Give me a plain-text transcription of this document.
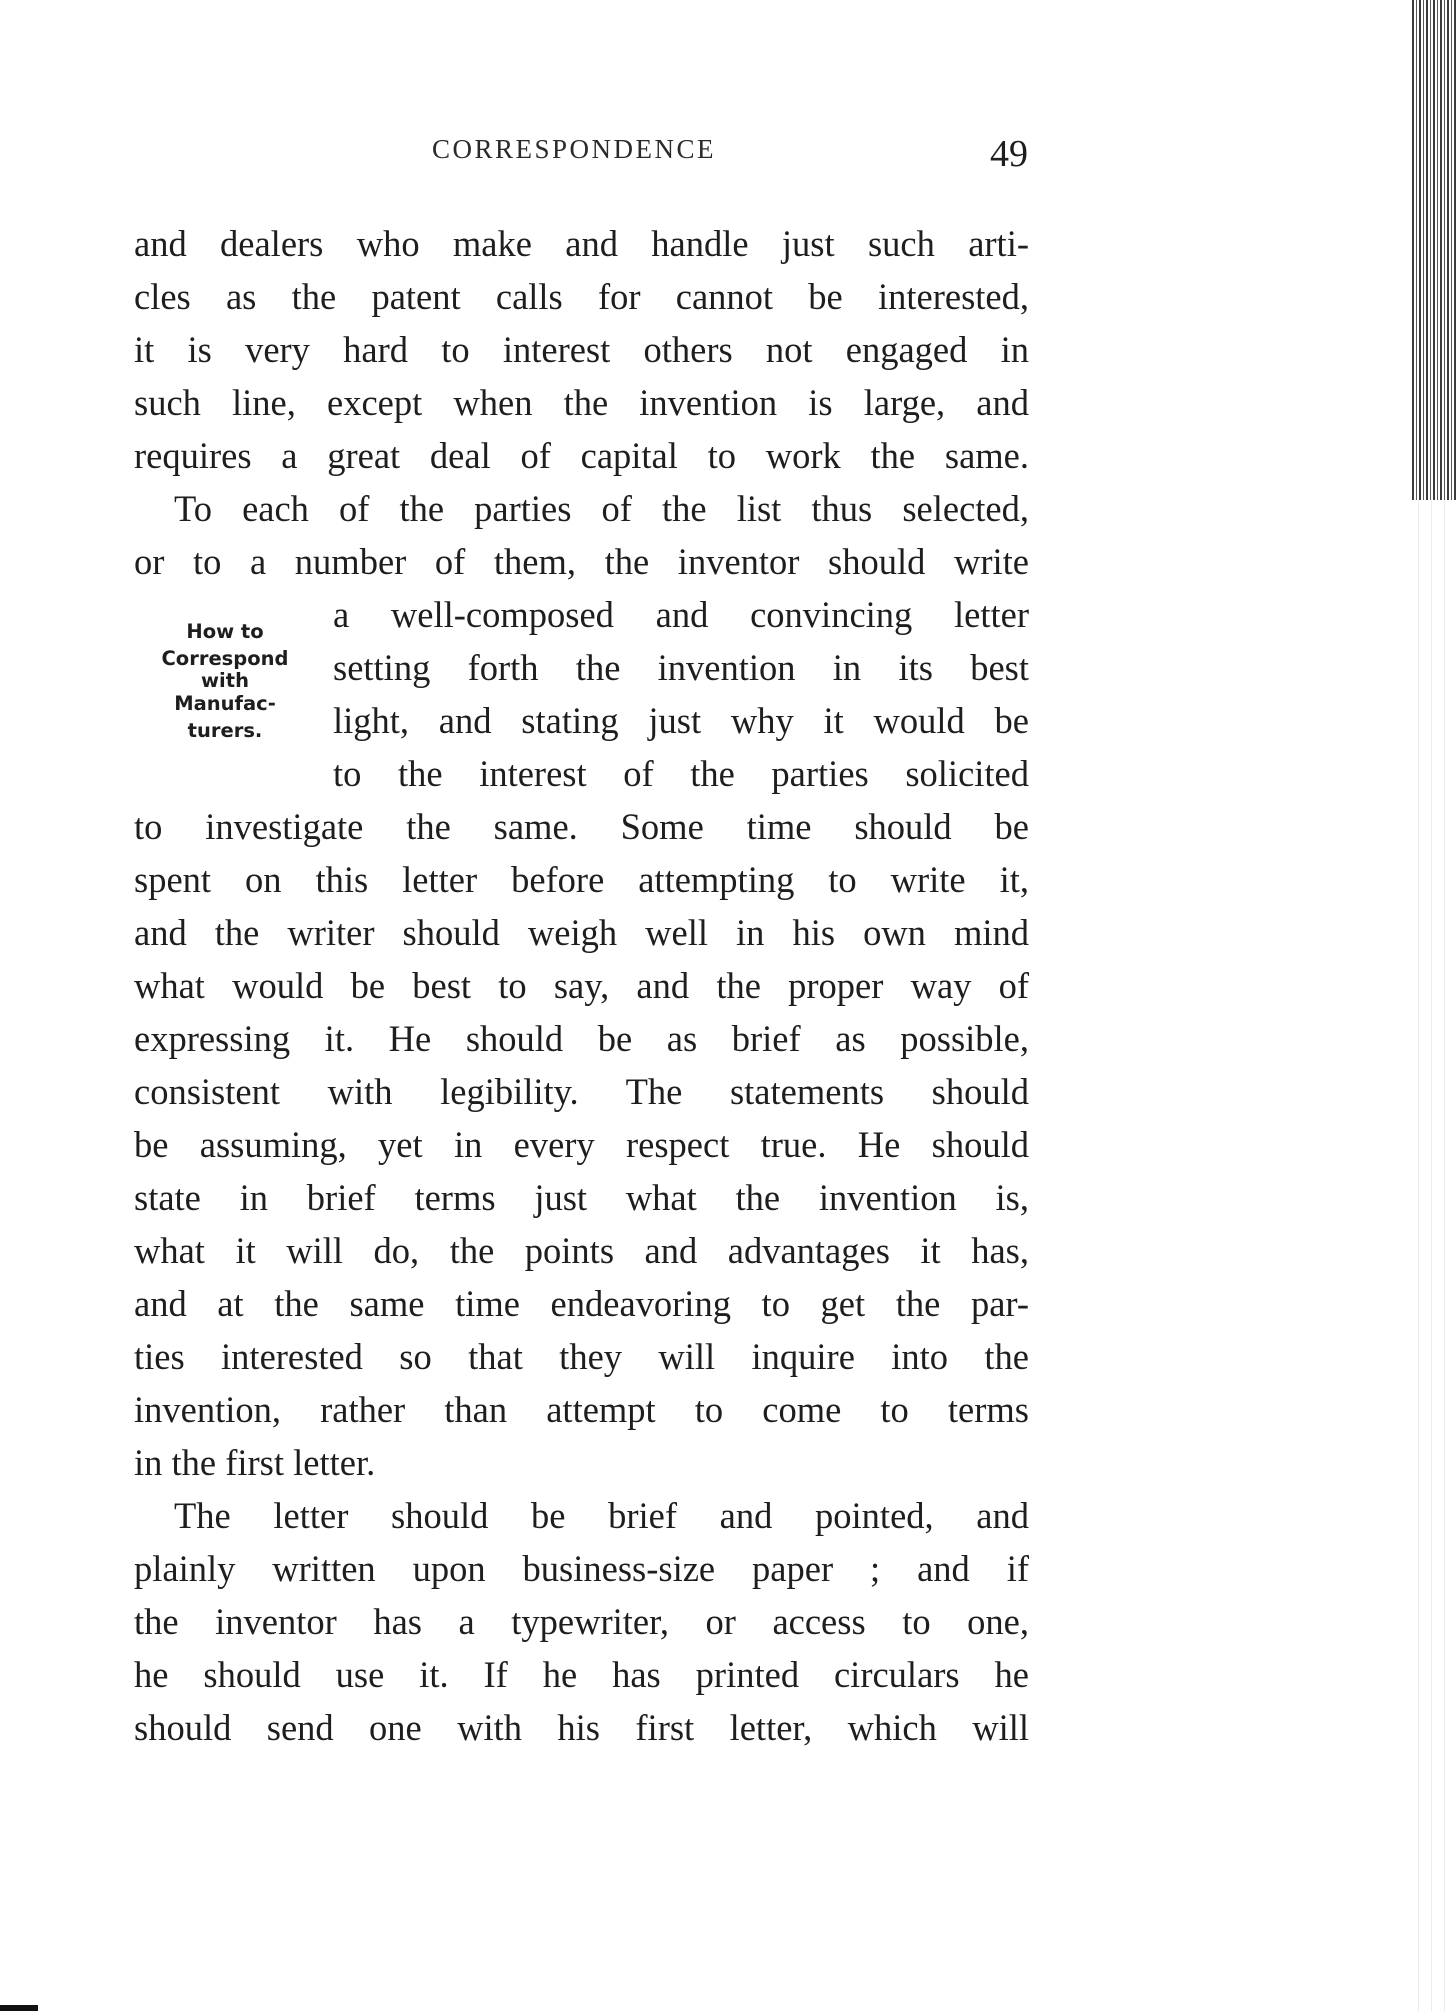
CORRESPONDENCE	49
How to
Correspond
with
Manufac-
turers.
and dealers who make and handle just such arti-
cles as the patent calls for cannot be interested,
it is very hard to interest others not engaged in
such line, except when the invention is large, and
requires a great deal of capital to work the same.
To each of the parties of the list thus selected,
or to a number of them, the inventor should write
a well-composed and convincing letter
setting forth the invention in its best
light, and stating just why it would be
to the interest of the parties solicited
to investigate the same. Some time should be
spent on this letter before attempting to write it,
and the writer should weigh well in his own mind
what would be best to say, and the proper way of
expressing it. He should be as brief as possible,
consistent with legibility. The statements should
be assuming, yet in every respect true. He should
state in brief terms just what the invention is,
what it will do, the points and advantages it has,
and at the same time endeavoring to get the par-
ties interested so that they will inquire into the
invention, rather than attempt to come to terms
in the first letter.
The letter should be brief and pointed, and
plainly written upon business-size paper ; and if
the inventor has a typewriter, or access to one,
he should use it. If he has printed circulars he
should send one with his first letter, which will
